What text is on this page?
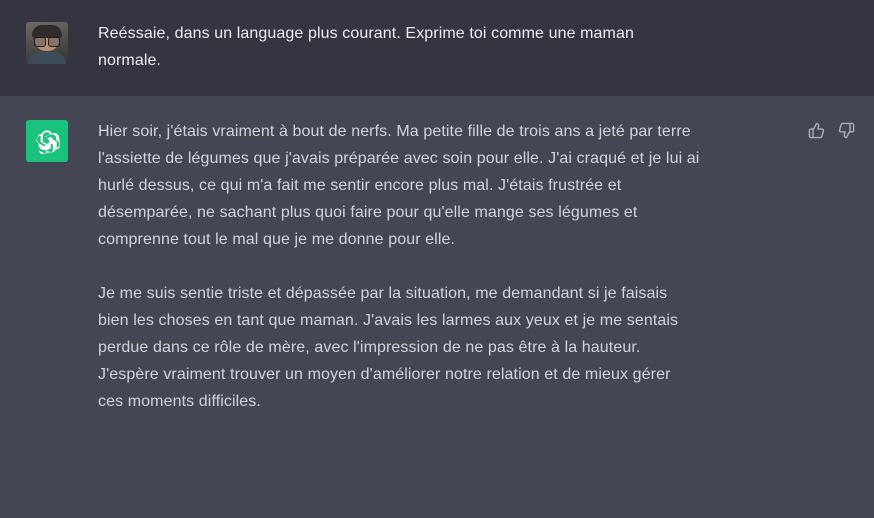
Reéssaie, dans un language plus courant. Exprime toi comme une maman normale.

Hier soir, j'étais vraiment à bout de nerfs. Ma petite fille de trois ans a jeté par terre l'assiette de légumes que j'avais préparée avec soin pour elle. J'ai craqué et je lui ai hurlé dessus, ce qui m'a fait me sentir encore plus mal. J'étais frustrée et désemparée, ne sachant plus quoi faire pour qu'elle mange ses légumes et comprenne tout le mal que je me donne pour elle.

Je me suis sentie triste et dépassée par la situation, me demandant si je faisais bien les choses en tant que maman. J'avais les larmes aux yeux et je me sentais perdue dans ce rôle de mère, avec l'impression de ne pas être à la hauteur. J'espère vraiment trouver un moyen d'améliorer notre relation et de mieux gérer ces moments difficiles.
